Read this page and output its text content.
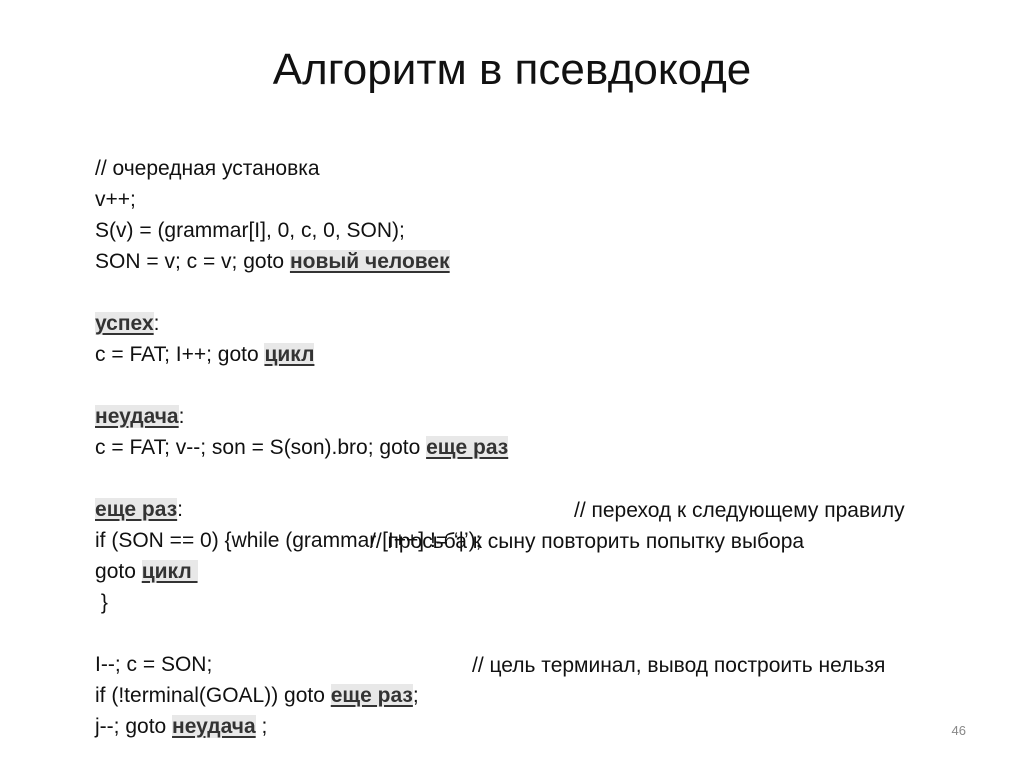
Алгоритм в псевдокоде

// очередная установка

v++;

S(v) = (grammar[I], 0, c, 0, SON);

SON = v; c = v; goto новый человек

успех:

c = FAT; I++; goto цикл

неудача:

c = FAT; v--; son = S(son).bro; goto еще раз

еще раз:

if (SON == 0) {while (grammar [I++] != ‘|’);

// переход к следующему правилу

goto цикл

// просьба к сыну повторить попытку выбора

}

I--; c = SON;

if (!terminal(GOAL)) goto еще раз;

// цель терминал, вывод построить нельзя

j--; goto неудача ;
	46
